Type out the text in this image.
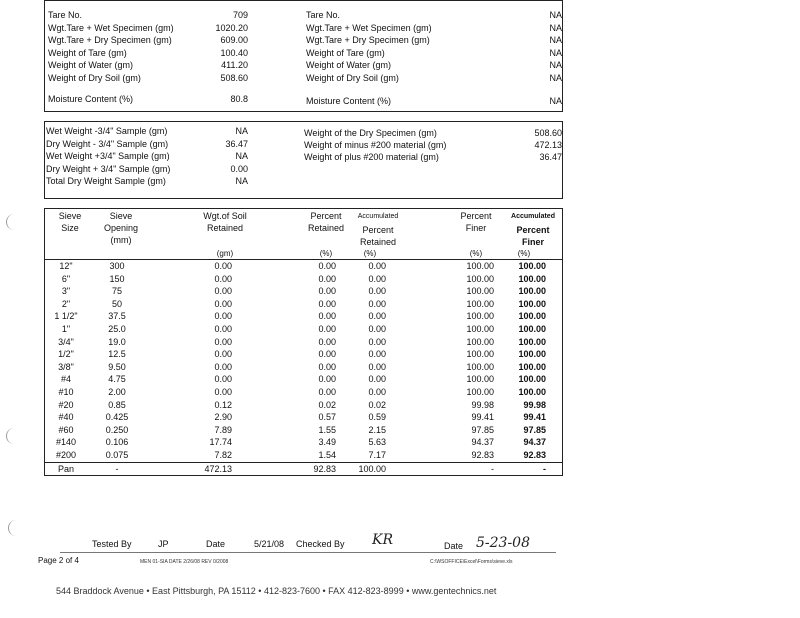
Tare No.	709
Wgt.Tare + Wet Specimen (gm)	1020.20
Wgt.Tare + Dry Specimen (gm)	609.00
Weight of Tare (gm)	100.40
Weight of Water (gm)	411.20
Weight of Dry Soil (gm)	508.60
Moisture Content (%)	80.8
Tare No.	NA
Wgt.Tare + Wet Specimen (gm)	NA
Wgt.Tare + Dry Specimen (gm)	NA
Weight of Tare (gm)	NA
Weight of Water (gm)	NA
Weight of Dry Soil (gm)	NA
Moisture Content (%)	NA
Wet Weight -3/4" Sample (gm)	NA
Dry Weight - 3/4" Sample (gm)	36.47
Wet Weight +3/4" Sample (gm)	NA
Dry Weight + 3/4" Sample (gm)	0.00
Total Dry Weight Sample (gm)	NA
Weight of the Dry Specimen (gm)	508.60
Weight of minus #200 material (gm)	472.13
Weight of plus #200 material (gm)	36.47
Sieve
Size
Sieve
Opening
(mm)
Wgt.of Soil
Retained
(gm)
Percent
Retained
(%)
Accumulated
Percent
Retained
(%)
Percent
Finer
(%)
Accumulated
Percent
Finer
(%)
12"	300	0.00	0.00	0.00	100.00	100.00
6"	150	0.00	0.00	0.00	100.00	100.00
3"	75	0.00	0.00	0.00	100.00	100.00
2"	50	0.00	0.00	0.00	100.00	100.00
1 1/2"	37.5	0.00	0.00	0.00	100.00	100.00
1"	25.0	0.00	0.00	0.00	100.00	100.00
3/4"	19.0	0.00	0.00	0.00	100.00	100.00
1/2"	12.5	0.00	0.00	0.00	100.00	100.00
3/8"	9.50	0.00	0.00	0.00	100.00	100.00
#4	4.75	0.00	0.00	0.00	100.00	100.00
#10	2.00	0.00	0.00	0.00	100.00	100.00
#20	0.85	0.12	0.02	0.02	99.98	99.98
#40	0.425	2.90	0.57	0.59	99.41	99.41
#60	0.250	7.89	1.55	2.15	97.85	97.85
#140	0.106	17.74	3.49	5.63	94.37	94.37
#200	0.075	7.82	1.54	7.17	92.83	92.83
Pan	-	472.13	92.83	100.00	-	-
Tested By	JP	Date	5/21/08 Checked By KR	Date 5-23-08
Page 2 of 4	MEN 01-SIA DATE 2/26/08 REV 0/2008	C:\WSOFFICE\Excel\Forms\sieve.xls
544 Braddock Avenue • East Pittsburgh, PA 15112 • 412-823-7600 • FAX 412-823-8999 • www.gentechnics.net
